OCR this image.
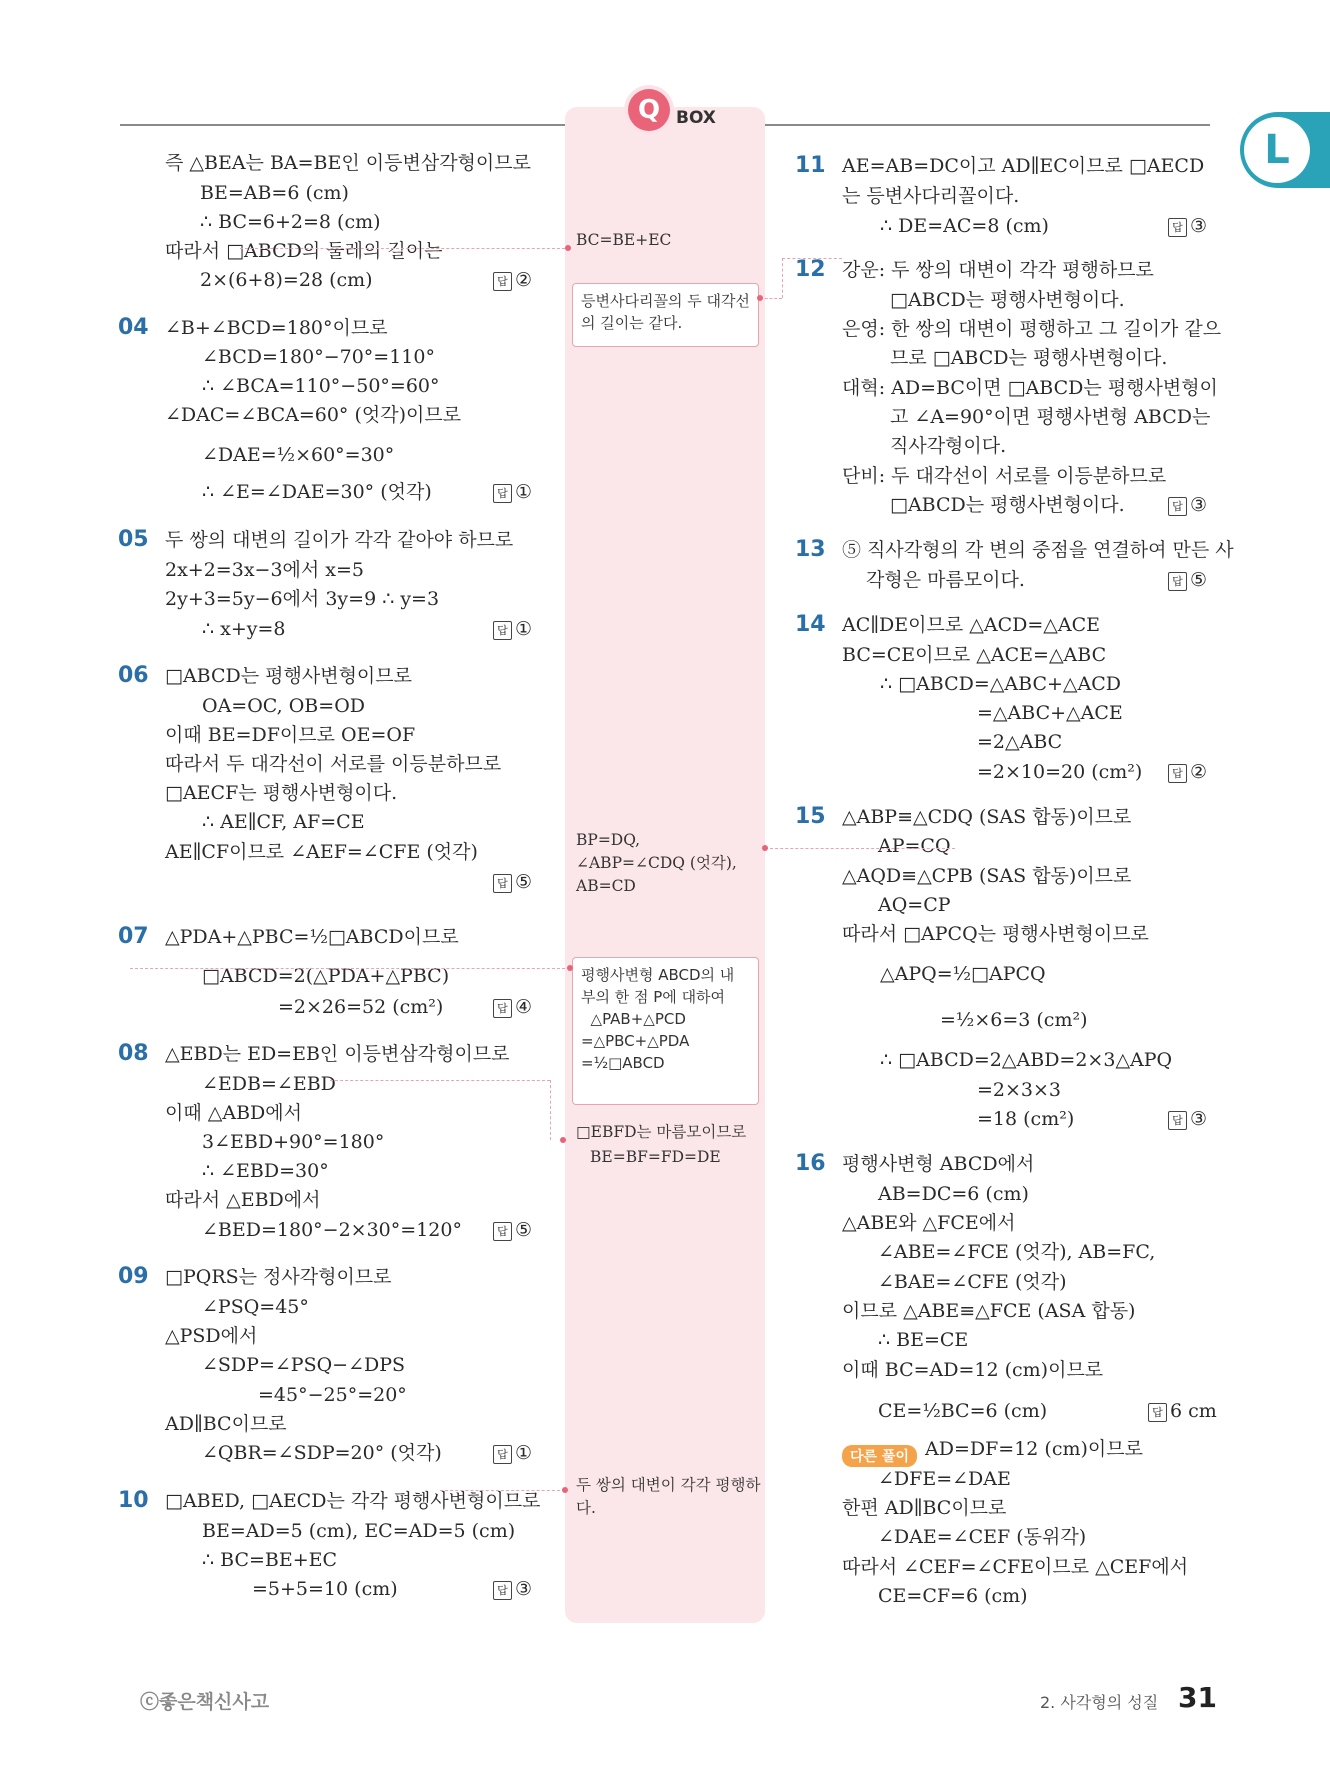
Q BOX
L
즉 △BEA는 BA=BE인 이등변삼각형이므로
BE=AB=6 (cm)
∴ BC=6+2=8 (cm)
따라서 □ABCD의 둘레의 길이는
2×(6+8)=28 (cm)
∠B+∠BCD=180°이므로
∠BCD=180°−70°=110°
∴ ∠BCA=110°−50°=60°
∠DAC=∠BCA=60° (엇각)이므로
∠DAE=½×60°=30°
∴ ∠E=∠DAE=30° (엇각)
두 쌍의 대변의 길이가 각각 같아야 하므로
2x+2=3x−3에서 x=5
2y+3=5y−6에서 3y=9 ∴ y=3
∴ x+y=8
□ABCD는 평행사변형이므로
OA=OC, OB=OD
이때 BE=DF이므로 OE=OF
따라서 두 대각선이 서로를 이등분하므로
□AECF는 평행사변형이다.
∴ AE∥CF, AF=CE
AE∥CF이므로 ∠AEF=∠CFE (엇각)
△PDA+△PBC=½□ABCD이므로
□ABCD=2(△PDA+△PBC)
=2×26=52 (cm²)
△EBD는 ED=EB인 이등변삼각형이므로
∠EDB=∠EBD
이때 △ABD에서
3∠EBD+90°=180°
∴ ∠EBD=30°
따라서 △EBD에서
∠BED=180°−2×30°=120°
□PQRS는 정사각형이므로
∠PSQ=45°
△PSD에서
∠SDP=∠PSQ−∠DPS
=45°−25°=20°
AD∥BC이므로
∠QBR=∠SDP=20° (엇각)
□ABED, □AECD는 각각 평행사변형이므로
BE=AD=5 (cm), EC=AD=5 (cm)
∴ BC=BE+EC
=5+5=10 (cm)
04
05
06
07
08
09
10
답 ②
답 ①
답 ①
답 ⑤
답 ④
답 ⑤
답 ①
답 ③
BC=BE+EC
BP=DQ,
∠ABP=∠CDQ (엇각),
AB=CD
□EBFD는 마름모이므로
BE=BF=FD=DE
두 쌍의 대변이 각각 평행하
다.
AE=AB=DC이고 AD∥EC이므로 □AECD
는 등변사다리꼴이다.
∴ DE=AC=8 (cm)
강운: 두 쌍의 대변이 각각 평행하므로
□ABCD는 평행사변형이다.
은영: 한 쌍의 대변이 평행하고 그 길이가 같으
므로 □ABCD는 평행사변형이다.
대혁: AD=BC이면 □ABCD는 평행사변형이
고 ∠A=90°이면 평행사변형 ABCD는
직사각형이다.
단비: 두 대각선이 서로를 이등분하므로
□ABCD는 평행사변형이다.
⑤ 직사각형의 각 변의 중점을 연결하여 만든 사
각형은 마름모이다.
AC∥DE이므로 △ACD=△ACE
BC=CE이므로 △ACE=△ABC
∴ □ABCD=△ABC+△ACD
=△ABC+△ACE
=2△ABC
=2×10=20 (cm²)
△ABP≡△CDQ (SAS 합동)이므로
AP=CQ
△AQD≡△CPB (SAS 합동)이므로
AQ=CP
따라서 □APCQ는 평행사변형이므로
△APQ=½□APCQ
=½×6=3 (cm²)
∴ □ABCD=2△ABD=2×3△APQ
=2×3×3
=18 (cm²)
평행사변형 ABCD에서
AB=DC=6 (cm)
△ABE와 △FCE에서
∠ABE=∠FCE (엇각), AB=FC,
∠BAE=∠CFE (엇각)
이므로 △ABE≡△FCE (ASA 합동)
∴ BE=CE
이때 BC=AD=12 (cm)이므로
CE=½BC=6 (cm)
AD=DF=12 (cm)이므로
∠DFE=∠DAE
한편 AD∥BC이므로
∠DAE=∠CEF (동위각)
따라서 ∠CEF=∠CFE이므로 △CEF에서
CE=CF=6 (cm)
11
12
13
14
15
16
답 ③
답 ③
답 ⑤
답 ②
답 ③
답 6 cm
등변사다리꼴의 두 대각선
의 길이는 같다.
평행사변형 ABCD의 내
부의 한 점 P에 대하여
△PAB+△PCD
=△PBC+△PDA
=½□ABCD
다른 풀이
ⓒ좋은책신사고	2. 사각형의 성질 31
